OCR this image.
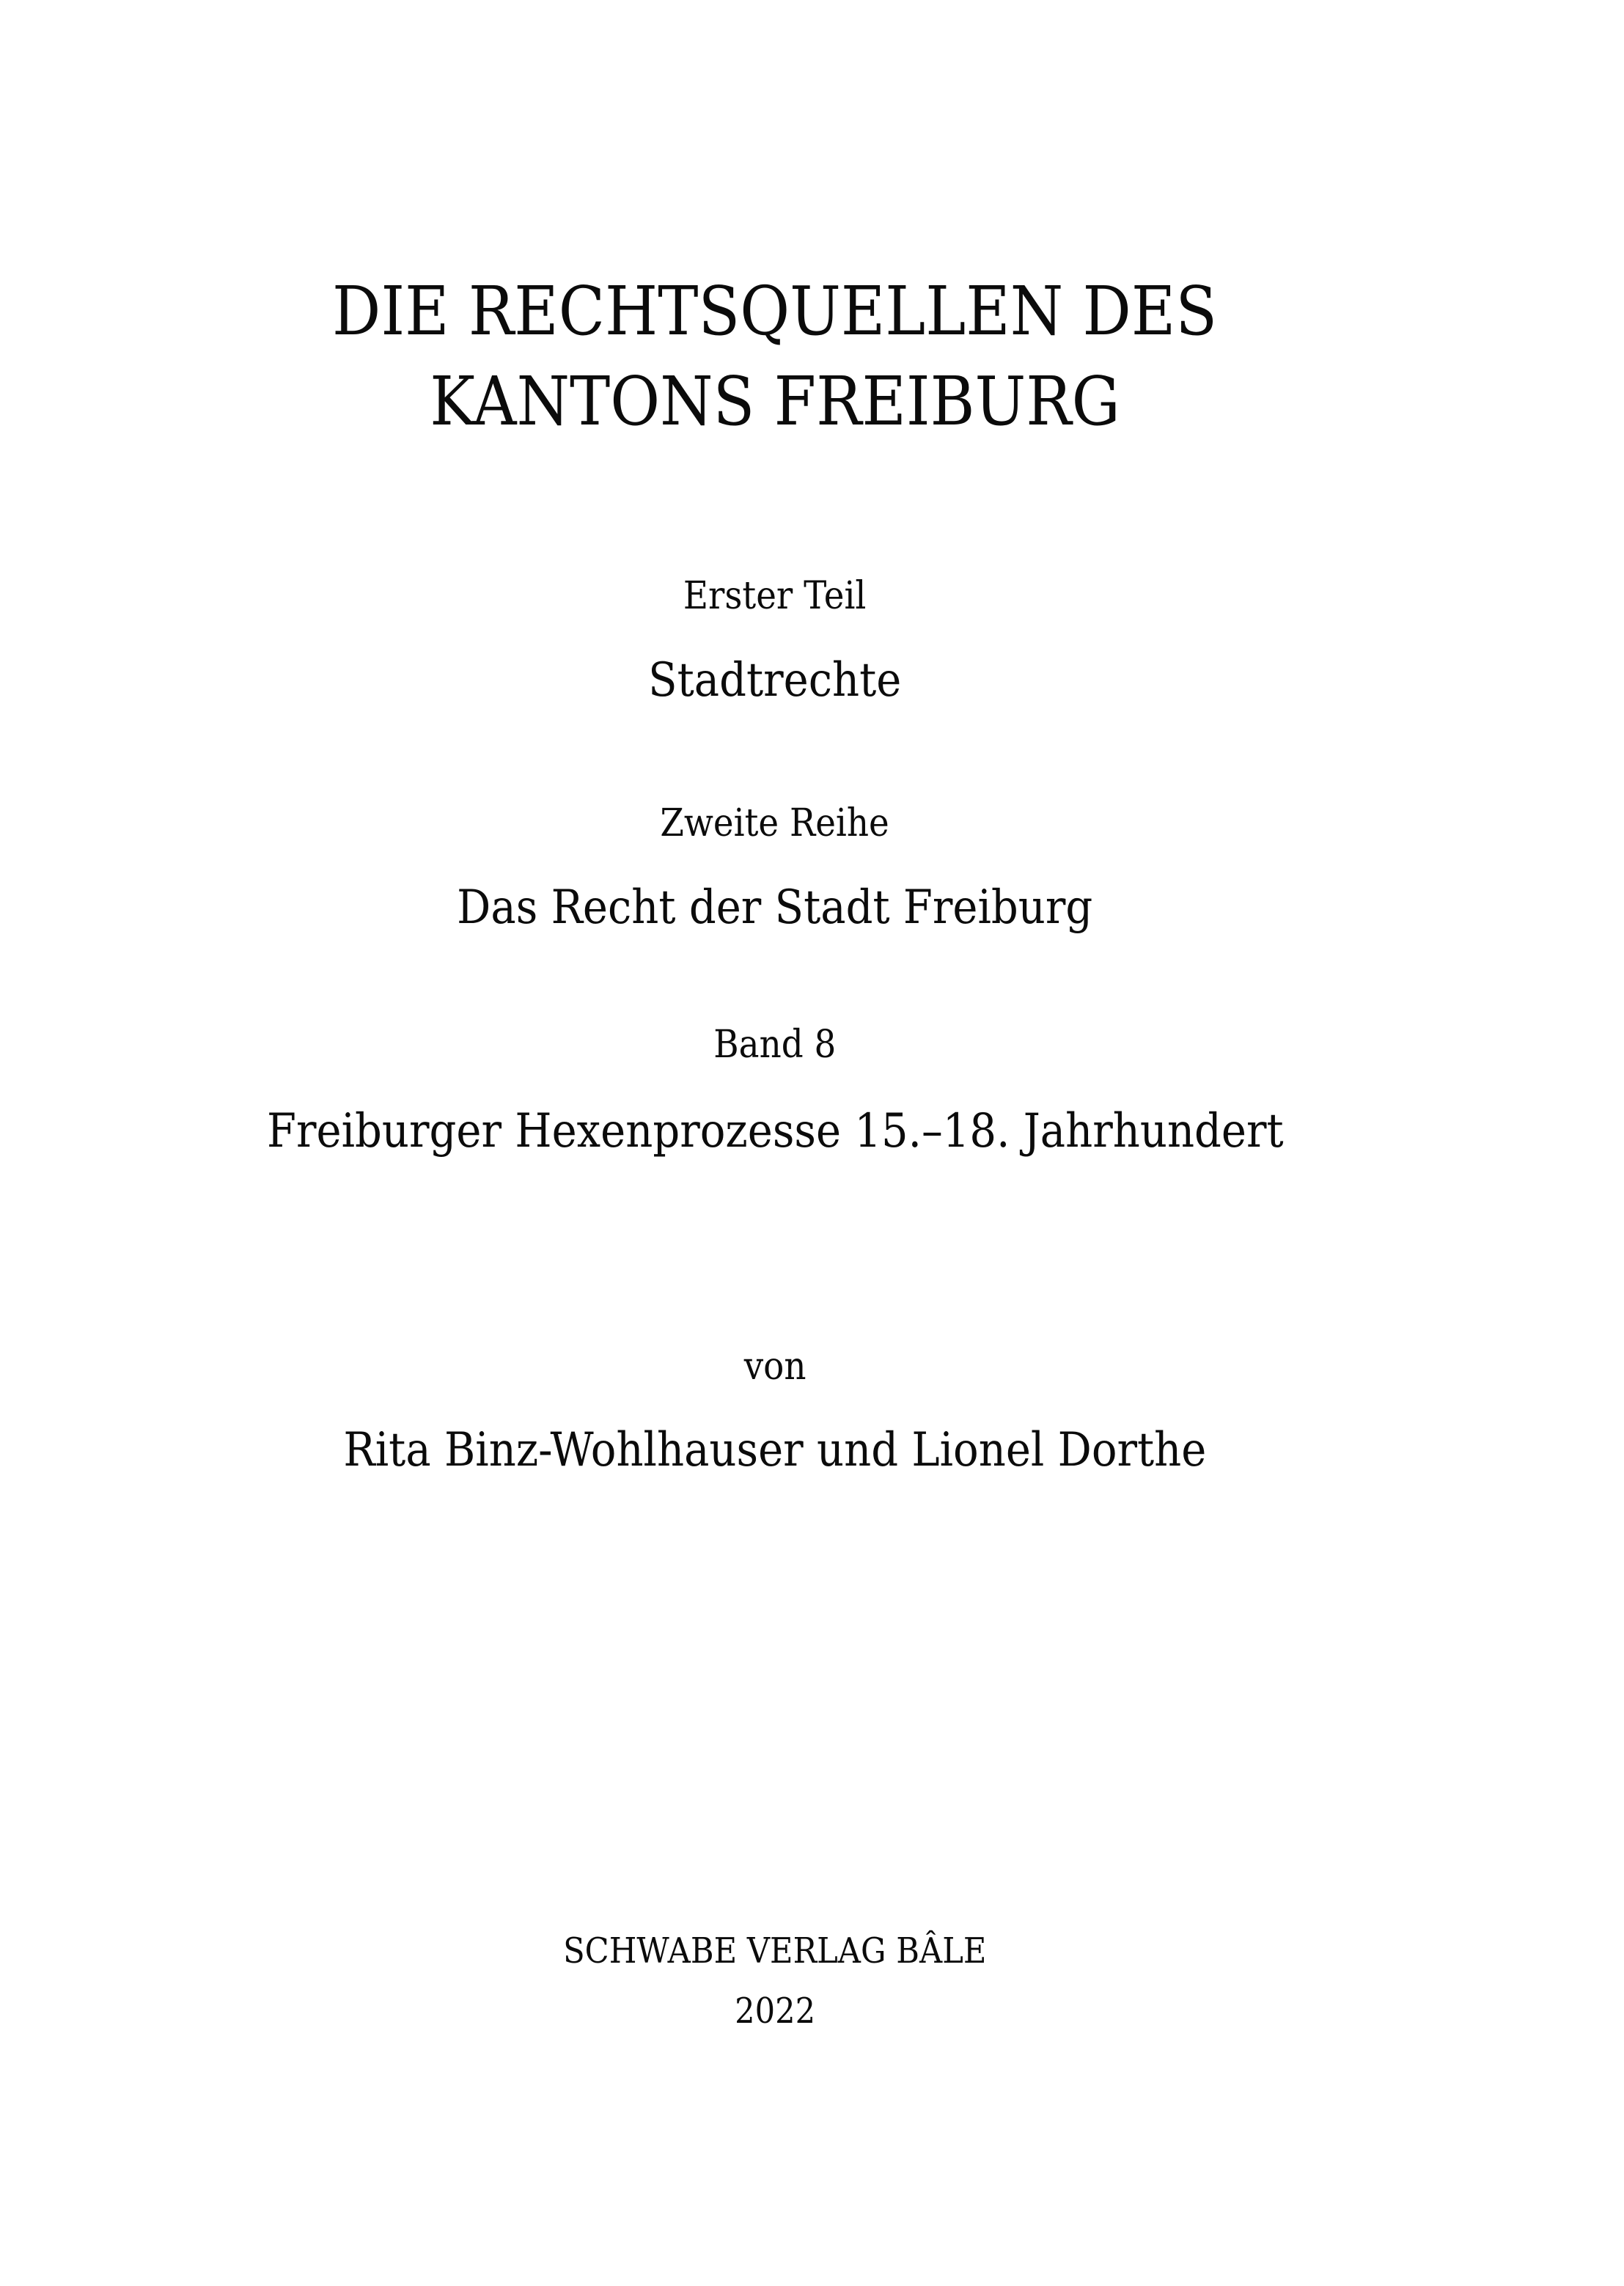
DIE RECHTSQUELLEN DES
KANTONS FREIBURG
Erster Teil
Stadtrechte
Zweite Reihe
Das Recht der Stadt Freiburg
Band 8
Freiburger Hexenprozesse 15.–18. Jahrhundert
von
Rita Binz-Wohlhauser und Lionel Dorthe
SCHWABE VERLAG BÂLE
2022
